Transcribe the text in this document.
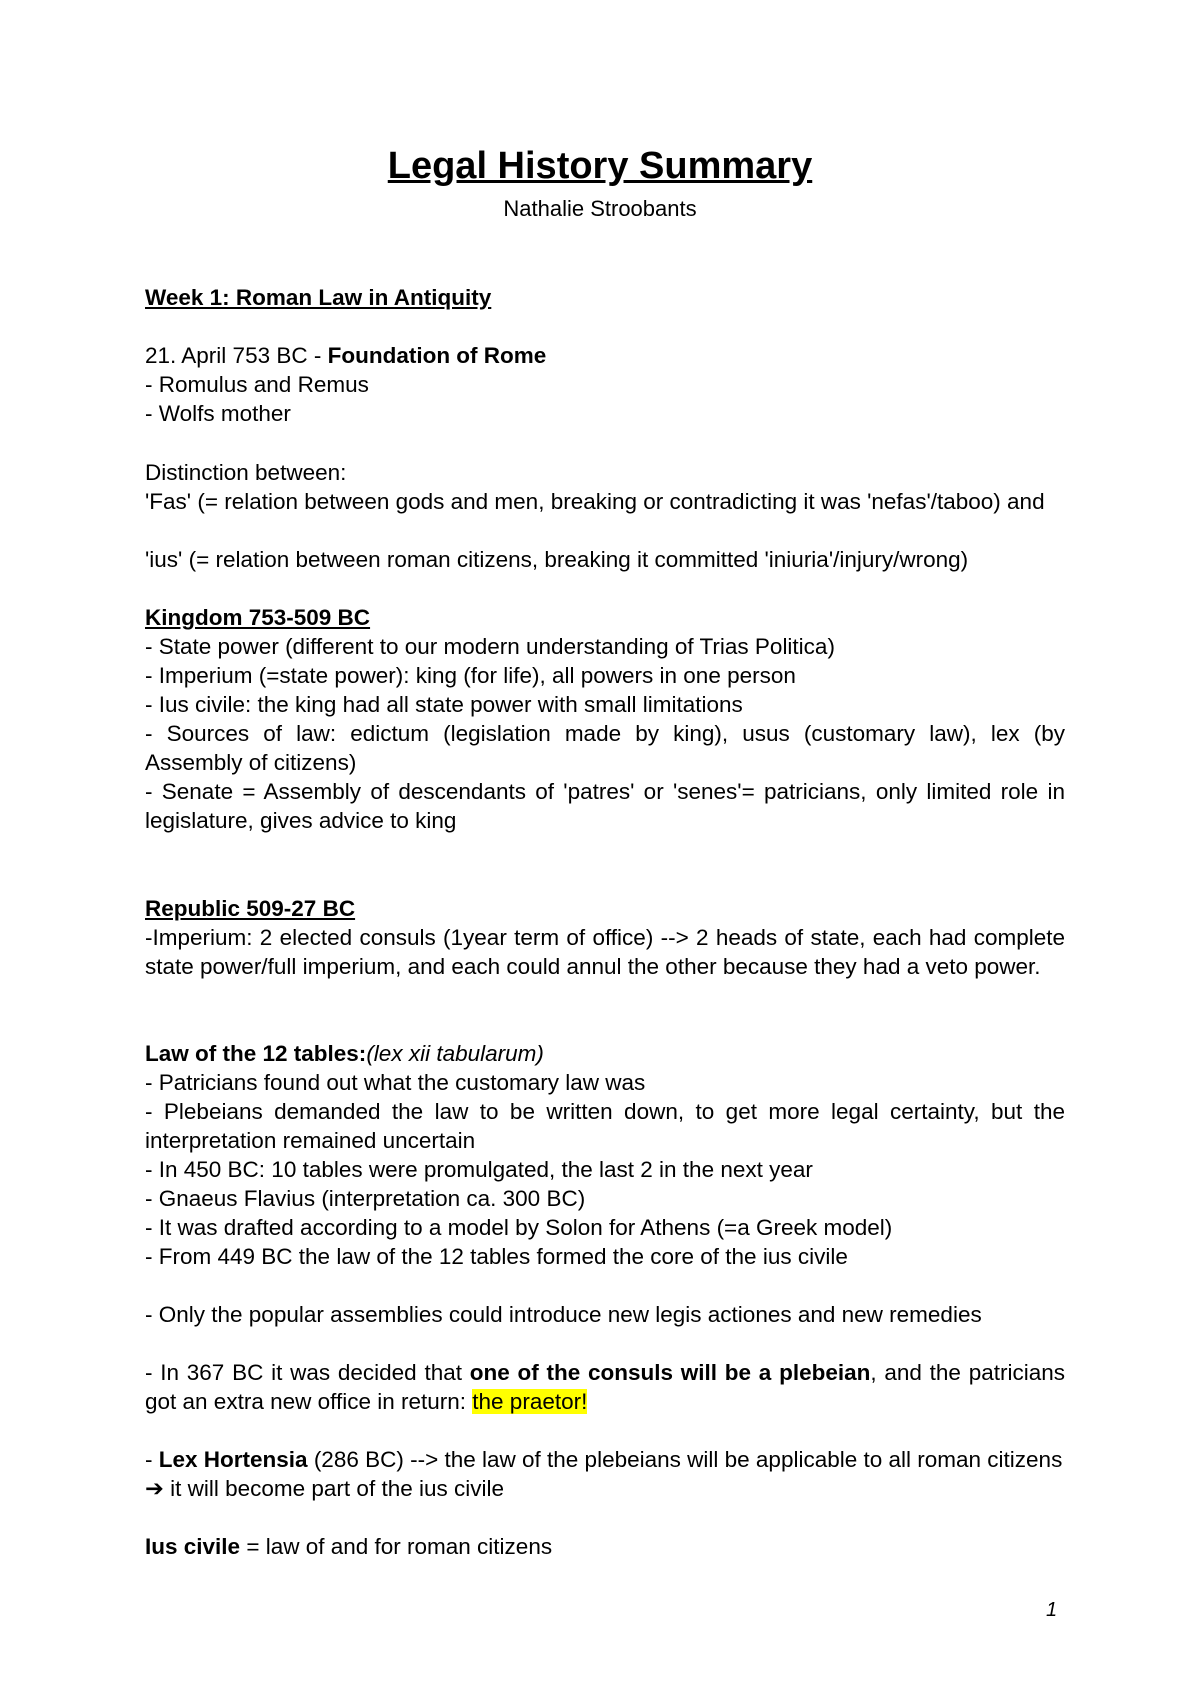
Legal History Summary
Nathalie Stroobants
Week 1: Roman Law in Antiquity
21. April 753 BC - Foundation of Rome
- Romulus and Remus
- Wolfs mother
Distinction between:
'Fas' (= relation between gods and men, breaking or contradicting it was 'nefas'/taboo) and
'ius' (= relation between roman citizens, breaking it committed 'iniuria'/injury/wrong)
Kingdom 753-509 BC
- State power (different to our modern understanding of Trias Politica)
- Imperium (=state power): king (for life), all powers in one person
- Ius civile: the king had all state power with small limitations
- Sources of law: edictum (legislation made by king), usus (customary law), lex (by Assembly of citizens)
- Senate = Assembly of descendants of 'patres' or 'senes'= patricians, only limited role in legislature, gives advice to king
Republic 509-27 BC
-Imperium: 2 elected consuls (1year term of office) --> 2 heads of state, each had complete state power/full imperium, and each could annul the other because they had a veto power.
Law of the 12 tables:(lex xii tabularum)
- Patricians found out what the customary law was
- Plebeians demanded the law to be written down, to get more legal certainty, but the interpretation remained uncertain
- In 450 BC: 10 tables were promulgated, the last 2 in the next year
- Gnaeus Flavius (interpretation ca. 300 BC)
- It was drafted according to a model by Solon for Athens (=a Greek model)
- From 449 BC the law of the 12 tables formed the core of the ius civile
- Only the popular assemblies could introduce new legis actiones and new remedies
- In 367 BC it was decided that one of the consuls will be a plebeian, and the patricians got an extra new office in return: the praetor!
- Lex Hortensia (286 BC) --> the law of the plebeians will be applicable to all roman citizens ➔ it will become part of the ius civile
Ius civile = law of and for roman citizens
1
